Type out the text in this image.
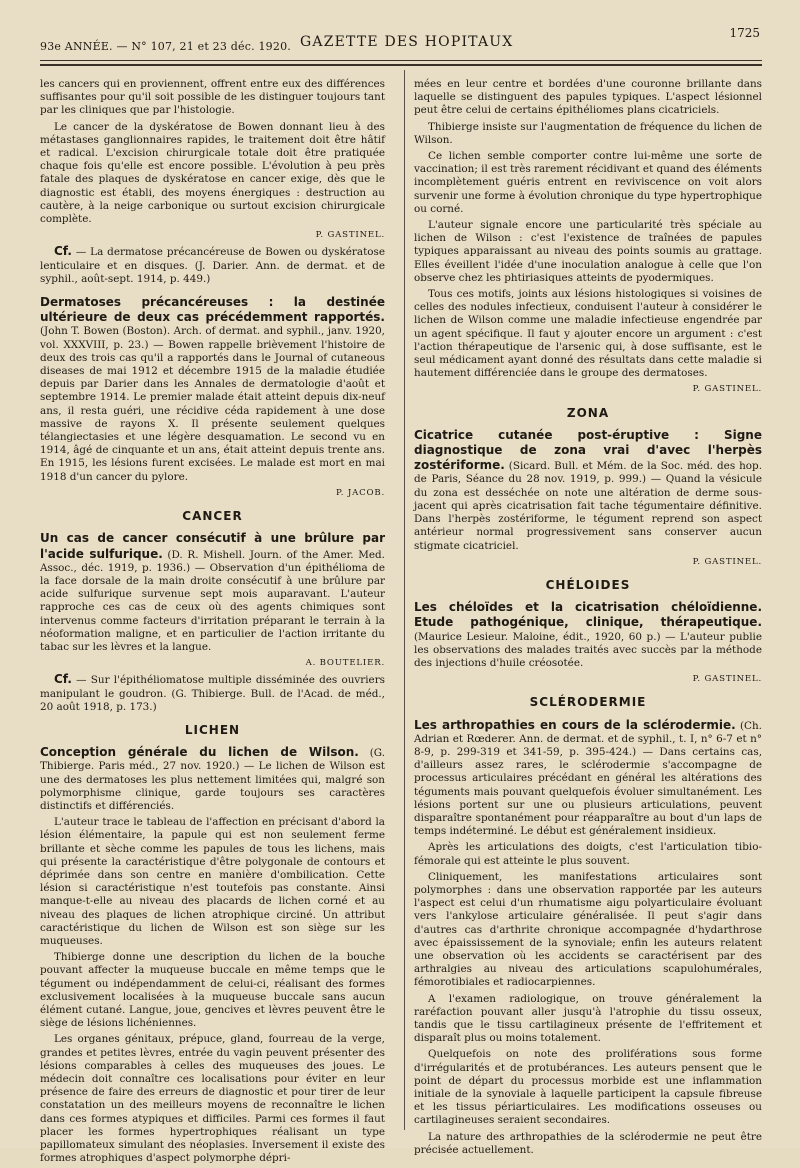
93e ANNÉE. — N° 107, 21 et 23 déc. 1920. GAZETTE DES HOPITAUX
1725

les cancers qui en proviennent, offrent entre eux des différences suffisantes pour qu'il soit possible de les distinguer toujours tant par les cliniques que par l'histologie.

Le cancer de la dyskératose de Bowen donnant lieu à des métastases ganglionnaires rapides, le traitement doit être hâtif et radical. L'excision chirurgicale totale doit être pratiquée chaque fois qu'elle est encore possible. L'évolution à peu près fatale des plaques de dyskératose en cancer exige, dès que le diagnostic est établi, des moyens énergiques : destruction au cautère, à la neige carbonique ou surtout excision chirurgicale complète.

P. GASTINEL.

Cf. — La dermatose précancéreuse de Bowen ou dyskératose lenticulaire et en disques. (J. Darier. Ann. de dermat. et de syphil., août-sept. 1914, p. 449.)

Dermatoses précancéreuses : la destinée ultérieure de deux cas précédemment rapportés. (John T. Bowen (Boston). Arch. of dermat. and syphil., janv. 1920, vol. XXXVIII, p. 23.) — Bowen rappelle brièvement l'histoire de deux des trois cas qu'il a rapportés dans le Journal of cutaneous diseases de mai 1912 et décembre 1915 de la maladie étudiée depuis par Darier dans les Annales de dermatologie d'août et septembre 1914. Le premier malade était atteint depuis dix-neuf ans, il resta guéri, une récidive céda rapidement à une dose massive de rayons X. Il présente seulement quelques télangiectasies et une légère desquamation. Le second vu en 1914, âgé de cinquante et un ans, était atteint depuis trente ans. En 1915, les lésions furent excisées. Le malade est mort en mai 1918 d'un cancer du pylore.

P. JACOB.

CANCER

Un cas de cancer consécutif à une brûlure par l'acide sulfurique. (D. R. Mishell. Journ. of the Amer. Med. Assoc., déc. 1919, p. 1936.) — Observation d'un épithélioma de la face dorsale de la main droite consécutif à une brûlure par acide sulfurique survenue sept mois auparavant. L'auteur rapproche ces cas de ceux où des agents chimiques sont intervenus comme facteurs d'irritation préparant le terrain à la néoformation maligne, et en particulier de l'action irritante du tabac sur les lèvres et la langue.

A. BOUTELIER.

Cf. — Sur l'épithéliomatose multiple disséminée des ouvriers manipulant le goudron. (G. Thibierge. Bull. de l'Acad. de méd., 20 août 1918, p. 173.)

LICHEN

Conception générale du lichen de Wilson. (G. Thibierge. Paris méd., 27 nov. 1920.) — Le lichen de Wilson est une des dermatoses les plus nettement limitées qui, malgré son polymorphisme clinique, garde toujours ses caractères distinctifs et différenciés.

L'auteur trace le tableau de l'affection en précisant d'abord la lésion élémentaire, la papule qui est non seulement ferme brillante et sèche comme les papules de tous les lichens, mais qui présente la caractéristique d'être polygonale de contours et déprimée dans son centre en manière d'ombilication. Cette lésion si caractéristique n'est toutefois pas constante. Ainsi manque-t-elle au niveau des placards de lichen corné et au niveau des plaques de lichen atrophique circiné. Un attribut caractéristique du lichen de Wilson est son siège sur les muqueuses.

Thibierge donne une description du lichen de la bouche pouvant affecter la muqueuse buccale en même temps que le tégument ou indépendamment de celui-ci, réalisant des formes exclusivement localisées à la muqueuse buccale sans aucun élément cutané. Langue, joue, gencives et lèvres peuvent être le siège de lésions lichéniennes.

Les organes génitaux, prépuce, gland, fourreau de la verge, grandes et petites lèvres, entrée du vagin peuvent présenter des lésions comparables à celles des muqueuses des joues. Le médecin doit connaître ces localisations pour éviter en leur présence de faire des erreurs de diagnostic et pour tirer de leur constatation un des meilleurs moyens de reconnaître le lichen dans ces formes atypiques et difficiles. Parmi ces formes il faut placer les formes hypertrophiques réalisant un type papillomateux simulant des néoplasies. Inversement il existe des formes atrophiques d'aspect polymorphe dépri-

mées en leur centre et bordées d'une couronne brillante dans laquelle se distinguent des papules typiques. L'aspect lésionnel peut être celui de certains épithéliomes plans cicatriciels.

Thibierge insiste sur l'augmentation de fréquence du lichen de Wilson.

Ce lichen semble comporter contre lui-même une sorte de vaccination; il est très rarement récidivant et quand des éléments incomplètement guéris entrent en reviviscence on voit alors survenir une forme à évolution chronique du type hypertrophique ou corné.

L'auteur signale encore une particularité très spéciale au lichen de Wilson : c'est l'existence de traînées de papules typiques apparaissant au niveau des points soumis au grattage. Elles éveillent l'idée d'une inoculation analogue à celle que l'on observe chez les phtiriasiques atteints de pyodermiques.

Tous ces motifs, joints aux lésions histologiques si voisines de celles des nodules infectieux, conduisent l'auteur à considérer le lichen de Wilson comme une maladie infectieuse engendrée par un agent spécifique. Il faut y ajouter encore un argument : c'est l'action thérapeutique de l'arsenic qui, à dose suffisante, est le seul médicament ayant donné des résultats dans cette maladie si hautement différenciée dans le groupe des dermatoses.

P. GASTINEL.

ZONA

Cicatrice cutanée post-éruptive : Signe diagnostique de zona vrai d'avec l'herpès zostériforme. (Sicard. Bull. et Mém. de la Soc. méd. des hop. de Paris, Séance du 28 nov. 1919, p. 999.) — Quand la vésicule du zona est desséchée on note une altération de derme sous-jacent qui après cicatrisation fait tache tégumentaire définitive. Dans l'herpès zostériforme, le tégument reprend son aspect antérieur normal progressivement sans conserver aucun stigmate cicatriciel.

P. GASTINEL.

CHÉLOIDES

Les chéloïdes et la cicatrisation chéloïdienne. Etude pathogénique, clinique, thérapeutique. (Maurice Lesieur. Maloine, édit., 1920, 60 p.) — L'auteur publie les observations des malades traités avec succès par la méthode des injections d'huile créosotée.

P. GASTINEL.

SCLÉRODERMIE

Les arthropathies en cours de la sclérodermie. (Ch. Adrian et Rœderer. Ann. de dermat. et de syphil., t. I, n° 6-7 et n° 8-9, p. 299-319 et 341-59, p. 395-424.) — Dans certains cas, d'ailleurs assez rares, le sclérodermie s'accompagne de processus articulaires précédant en général les altérations des téguments mais pouvant quelquefois évoluer simultanément. Les lésions portent sur une ou plusieurs articulations, peuvent disparaître spontanément pour réapparaître au bout d'un laps de temps indéterminé. Le début est généralement insidieux.

Après les articulations des doigts, c'est l'articulation tibio-fémorale qui est atteinte le plus souvent.

Cliniquement, les manifestations articulaires sont polymorphes : dans une observation rapportée par les auteurs l'aspect est celui d'un rhumatisme aigu polyarticulaire évoluant vers l'ankylose articulaire généralisée. Il peut s'agir dans d'autres cas d'arthrite chronique accompagnée d'hydarthrose avec épaississement de la synoviale; enfin les auteurs relatent une observation où les accidents se caractérisent par des arthralgies au niveau des articulations scapulohumérales, fémorotibiales et radiocarpiennes.

A l'examen radiologique, on trouve généralement la raréfaction pouvant aller jusqu'à l'atrophie du tissu osseux, tandis que le tissu cartilagineux présente de l'effritement et disparaît plus ou moins totalement.

Quelquefois on note des proliférations sous forme d'irrégularités et de protubérances. Les auteurs pensent que le point de départ du processus morbide est une inflammation initiale de la synoviale à laquelle participent la capsule fibreuse et les tissus périarticulaires. Les modifications osseuses ou cartilagineuses seraient secondaires.

La nature des arthropathies de la sclérodermie ne peut être précisée actuellement.
